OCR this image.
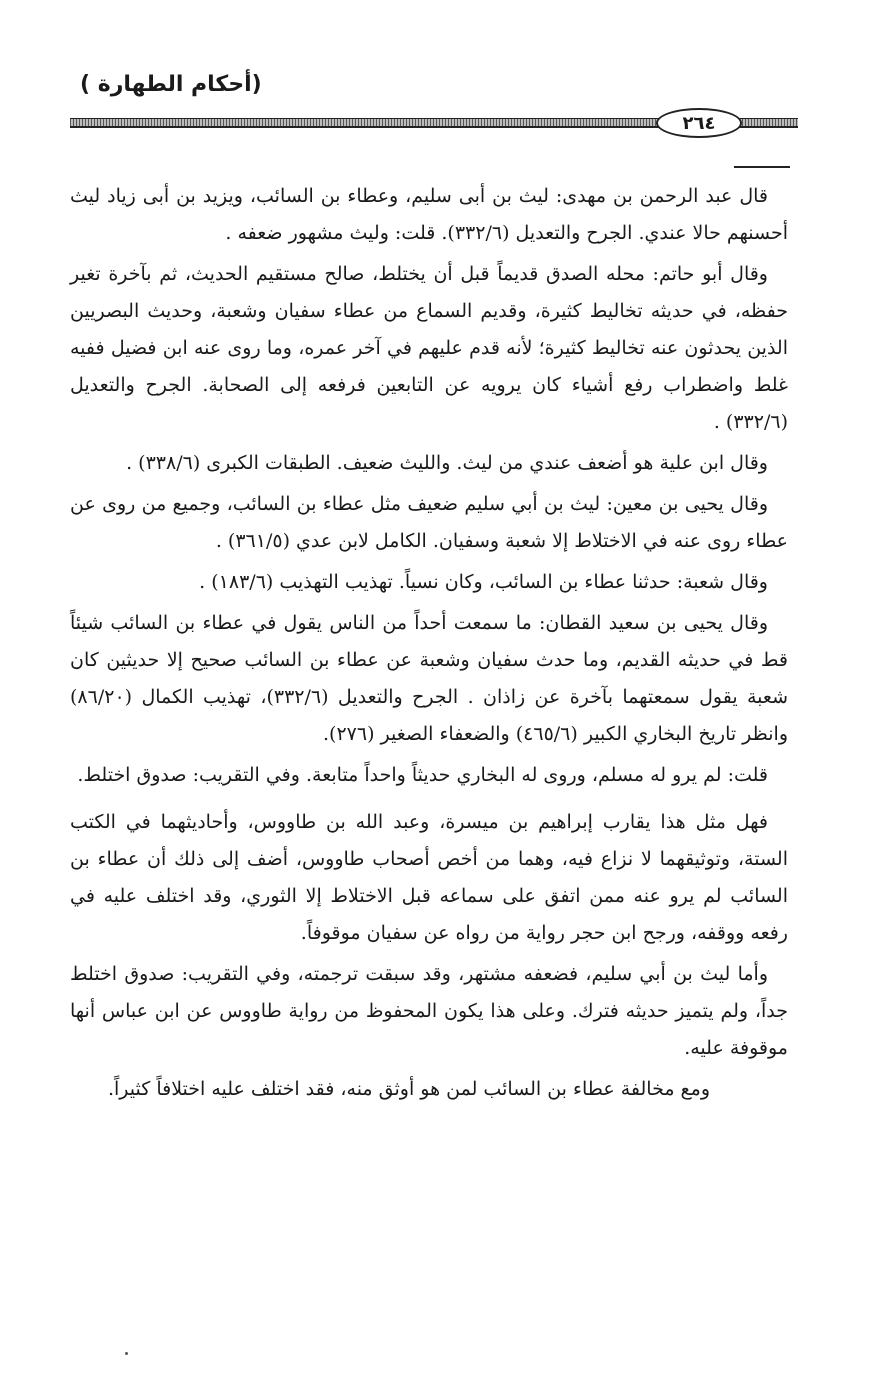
(أحكام الطهارة )
٢٦٤

قال عبد الرحمن بن مهدى: ليث بن أبى سليم، وعطاء بن السائب، ويزيد بن أبى زياد ليث أحسنهم حالا عندي. الجرح والتعديل (٣٣٢/٦). قلت: وليث مشهور ضعفه .

وقال أبو حاتم: محله الصدق قديماً قبل أن يختلط، صالح مستقيم الحديث، ثم بآخرة تغير حفظه، في حديثه تخاليط كثيرة، وقديم السماع من عطاء سفيان وشعبة، وحديث البصريين الذين يحدثون عنه تخاليط كثيرة؛ لأنه قدم عليهم في آخر عمره، وما روى عنه ابن فضيل ففيه غلط واضطراب رفع أشياء كان يرويه عن التابعين فرفعه إلى الصحابة. الجرح والتعديل (٣٣٢/٦) .

وقال ابن علية هو أضعف عندي من ليث. والليث ضعيف. الطبقات الكبرى (٣٣٨/٦) .

وقال يحيى بن معين: ليث بن أبي سليم ضعيف مثل عطاء بن السائب، وجميع من روى عن عطاء روى عنه في الاختلاط إلا شعبة وسفيان. الكامل لابن عدي (٣٦١/٥) .

وقال شعبة: حدثنا عطاء بن السائب، وكان نسياً. تهذيب التهذيب (١٨٣/٦) .

وقال يحيى بن سعيد القطان: ما سمعت أحداً من الناس يقول في عطاء بن السائب شيئاً قط في حديثه القديم، وما حدث سفيان وشعبة عن عطاء بن السائب صحيح إلا حديثين كان شعبة يقول سمعتهما بآخرة عن زاذان . الجرح والتعديل (٣٣٢/٦)، تهذيب الكمال (٨٦/٢٠) وانظر تاريخ البخاري الكبير (٤٦٥/٦) والضعفاء الصغير (٢٧٦).

قلت: لم يرو له مسلم، وروى له البخاري حديثاً واحداً متابعة. وفي التقريب: صدوق اختلط.

فهل مثل هذا يقارب إبراهيم بن ميسرة، وعبد الله بن طاووس، وأحاديثهما في الكتب الستة، وتوثيقهما لا نزاع فيه، وهما من أخص أصحاب طاووس، أضف إلى ذلك أن عطاء بن السائب لم يرو عنه ممن اتفق على سماعه قبل الاختلاط إلا الثوري، وقد اختلف عليه في رفعه ووقفه، ورجح ابن حجر رواية من رواه عن سفيان موقوفاً.

وأما ليث بن أبي سليم، فضعفه مشتهر، وقد سبقت ترجمته، وفي التقريب: صدوق اختلط جداً، ولم يتميز حديثه فترك. وعلى هذا يكون المحفوظ من رواية طاووس عن ابن عباس أنها موقوفة عليه.

ومع مخالفة عطاء بن السائب لمن هو أوثق منه، فقد اختلف عليه اختلافاً كثيراً.
